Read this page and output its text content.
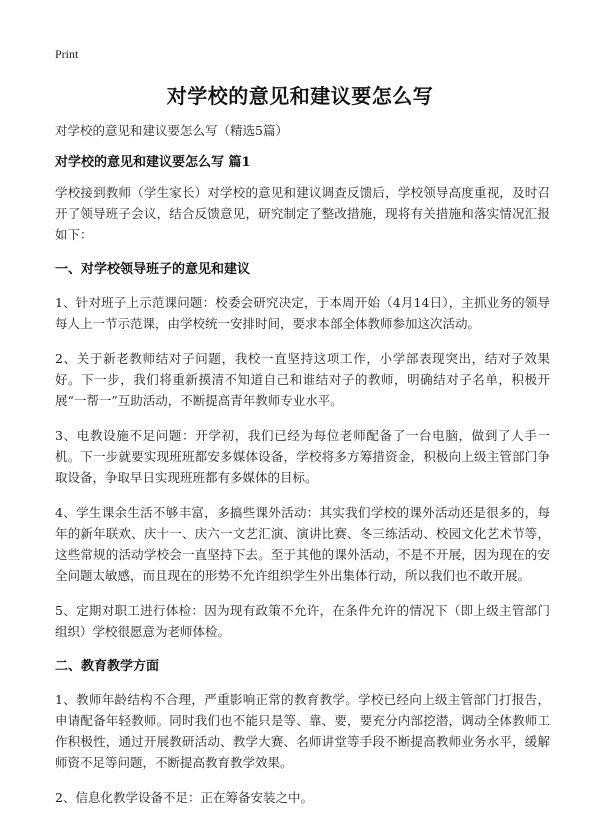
Print
对学校的意见和建议要怎么写
对学校的意见和建议要怎么写（精选5篇）
对学校的意见和建议要怎么写 篇1

学校接到教师（学生家长）对学校的意见和建议调查反馈后，学校领导高度重视，及时召开了领导班子会议，结合反馈意见，研究制定了整改措施，现将有关措施和落实情况汇报如下：

一、对学校领导班子的意见和建议

1、针对班子上示范课问题：校委会研究决定，于本周开始（4月14日），主抓业务的领导每人上一节示范课，由学校统一安排时间，要求本部全体教师参加这次活动。

2、关于新老教师结对子问题，我校一直坚持这项工作，小学部表现突出，结对子效果好。下一步，我们将重新摸清不知道自己和谁结对子的教师，明确结对子名单，积极开展“一帮一”互助活动，不断提高青年教师专业水平。

3、电教设施不足问题：开学初，我们已经为每位老师配备了一台电脑，做到了人手一机。下一步就要实现班班都安多媒体设备，学校将多方筹措资金，积极向上级主管部门争取设备，争取早日实现班班都有多媒体的目标。

4、学生课余生活不够丰富，多搞些课外活动：其实我们学校的课外活动还是很多的，每年的新年联欢、庆十一、庆六一文艺汇演、演讲比赛、冬三练活动、校园文化艺术节等，这些常规的活动学校会一直坚持下去。至于其他的课外活动，不是不开展，因为现在的安全问题太敏感，而且现在的形势不允许组织学生外出集体行动，所以我们也不敢开展。

5、定期对职工进行体检：因为现有政策不允许，在条件允许的情况下（即上级主管部门组织）学校很愿意为老师体检。

二、教育教学方面

1、教师年龄结构不合理，严重影响正常的教育教学。学校已经向上级主管部门打报告，申请配备年轻教师。同时我们也不能只是等、靠、要，要充分内部挖潜，调动全体教师工作积极性，通过开展教研活动、教学大赛、名师讲堂等手段不断提高教师业务水平，缓解师资不足等问题，不断提高教育教学效果。

2、信息化教学设备不足：正在筹备安装之中。
